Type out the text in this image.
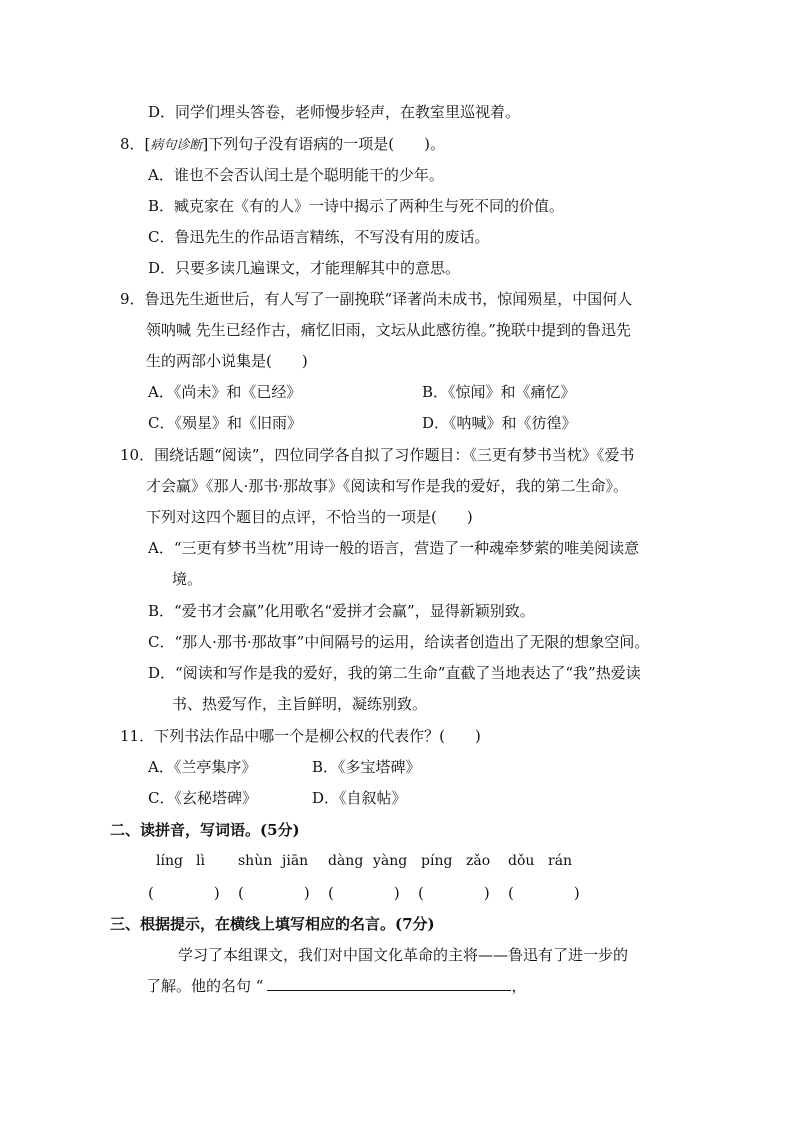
D．同学们埋头答卷，老师慢步轻声，在教室里巡视着。
8．[病句诊断]下列句子没有语病的一项是(　　)。
A．谁也不会否认闰土是个聪明能干的少年。
B．臧克家在《有的人》一诗中揭示了两种生与死不同的价值。
C．鲁迅先生的作品语言精练，不写没有用的废话。
D．只要多读几遍课文，才能理解其中的意思。
9．鲁迅先生逝世后，有人写了一副挽联“译著尚未成书，惊闻殒星，中国何人
领呐喊 先生已经作古，痛忆旧雨，文坛从此感彷徨。”挽联中提到的鲁迅先
生的两部小说集是(　　)
A．《尚未》和《已经》	B．《惊闻》和《痛忆》
C．《殒星》和《旧雨》	D．《呐喊》和《彷徨》
10．围绕话题“阅读”，四位同学各自拟了习作题目：《三更有梦书当枕》《爱书
才会赢》《那人·那书·那故事》《阅读和写作是我的爱好，我的第二生命》。
下列对这四个题目的点评，不恰当的一项是(　　)
A．“三更有梦书当枕”用诗一般的语言，营造了一种魂牵梦萦的唯美阅读意
境。
B．“爱书才会赢”化用歌名“爱拼才会赢”，显得新颖别致。
C．“那人·那书·那故事”中间隔号的运用，给读者创造出了无限的想象空间。
D．“阅读和写作是我的爱好，我的第二生命”直截了当地表达了“我”热爱读
书、热爱写作，主旨鲜明，凝练别致。
11．下列书法作品中哪一个是柳公权的代表作？(　　)
A．《兰亭集序》	B．《多宝塔碑》
C．《玄秘塔碑》	D．《自叙帖》
二、读拼音，写词语。(5分)
líng lì shùn jiān dàng yàng píng zǎo dǒu rán
(　　　　) (　　　　) (　　　　) (　　　　) (　　　　)
三、根据提示，在横线上填写相应的名言。(7分)
学习了本组课文，我们对中国文化革命的主将——鲁迅有了进一步的
了解。他的名句 “	，
